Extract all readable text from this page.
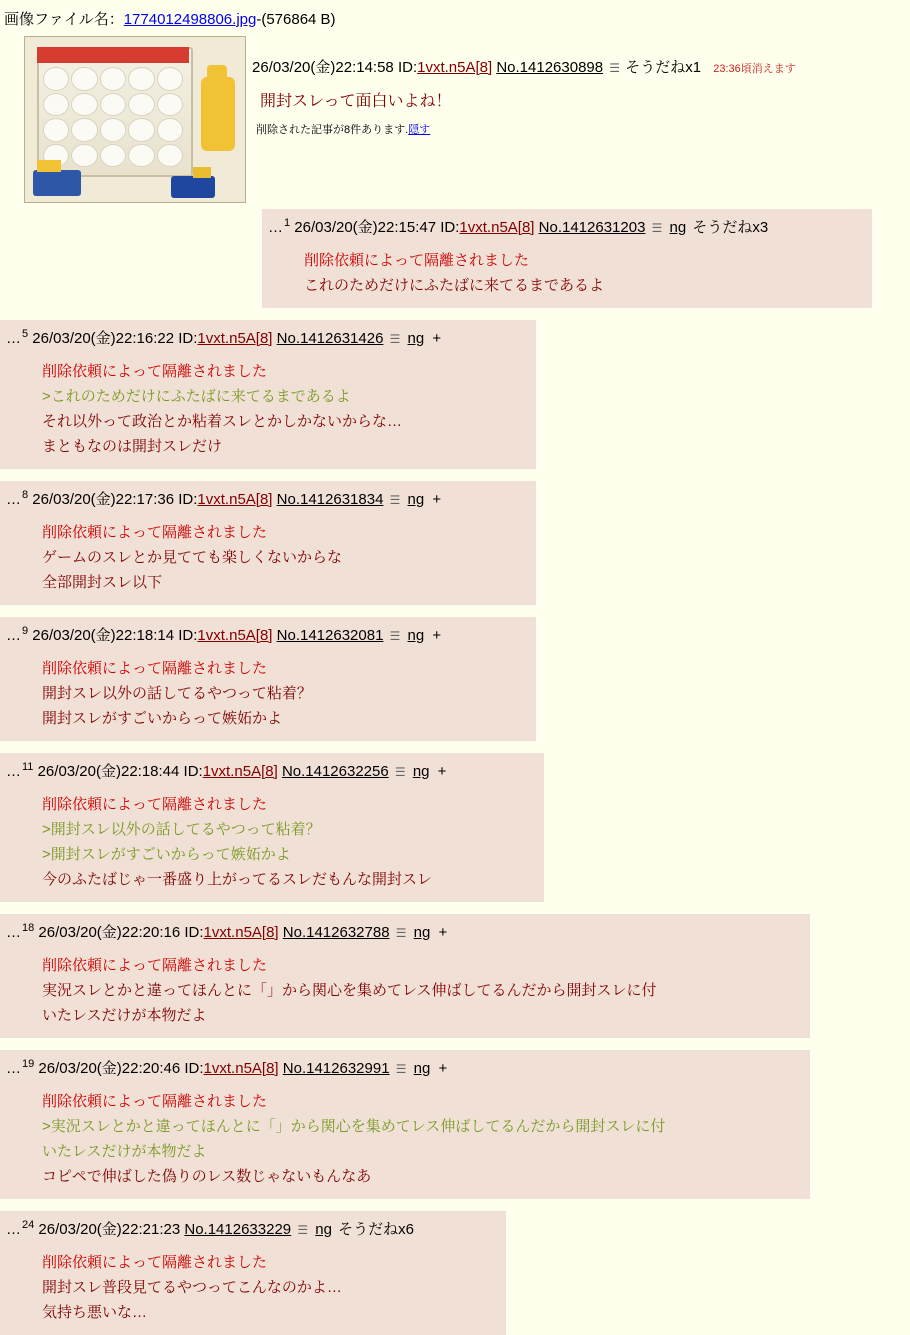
画像ファイル名：1774012498806.jpg-(576864 B)
26/03/20(金)22:14:58 ID:1vxt.n5A[8] No.1412630898 ☰ そうだねx1 23:36頃消えます
開封スレって面白いよね！
削除された記事が8件あります.隠す
…$^1$ 26/03/20(金)22:15:47 ID:1vxt.n5A[8] No.1412631203 ☰ ng そうだねx3
削除依頼によって隔離されました
これのためだけにふたばに来てるまであるよ
…$^5$ 26/03/20(金)22:16:22 ID:1vxt.n5A[8] No.1412631426 ☰ ng +
削除依頼によって隔離されました
>これのためだけにふたばに来てるまであるよ
それ以外って政治とか粘着スレとかしかないからな…
まともなのは開封スレだけ
…$^8$ 26/03/20(金)22:17:36 ID:1vxt.n5A[8] No.1412631834 ☰ ng +
削除依頼によって隔離されました
ゲームのスレとか見てても楽しくないからな
全部開封スレ以下
…$^9$ 26/03/20(金)22:18:14 ID:1vxt.n5A[8] No.1412632081 ☰ ng +
削除依頼によって隔離されました
開封スレ以外の話してるやつって粘着？
開封スレがすごいからって嫉妬かよ
…$^{11}$ 26/03/20(金)22:18:44 ID:1vxt.n5A[8] No.1412632256 ☰ ng +
削除依頼によって隔離されました
>開封スレ以外の話してるやつって粘着？
>開封スレがすごいからって嫉妬かよ
今のふたばじゃ一番盛り上がってるスレだもんな開封スレ
…$^{18}$ 26/03/20(金)22:20:16 ID:1vxt.n5A[8] No.1412632788 ☰ ng +
削除依頼によって隔離されました
実況スレとかと違ってほんとに「」から関心を集めてレス伸ばしてるんだから開封スレに付
いたレスだけが本物だよ
…$^{19}$ 26/03/20(金)22:20:46 ID:1vxt.n5A[8] No.1412632991 ☰ ng +
削除依頼によって隔離されました
>実況スレとかと違ってほんとに「」から関心を集めてレス伸ばしてるんだから開封スレに付
いたレスだけが本物だよ
コピペで伸ばした偽りのレス数じゃないもんなあ
…$^{24}$ 26/03/20(金)22:21:23 No.1412633229 ☰ ng そうだねx6
削除依頼によって隔離されました
開封スレ普段見てるやつってこんなのかよ…
気持ち悪いな…
